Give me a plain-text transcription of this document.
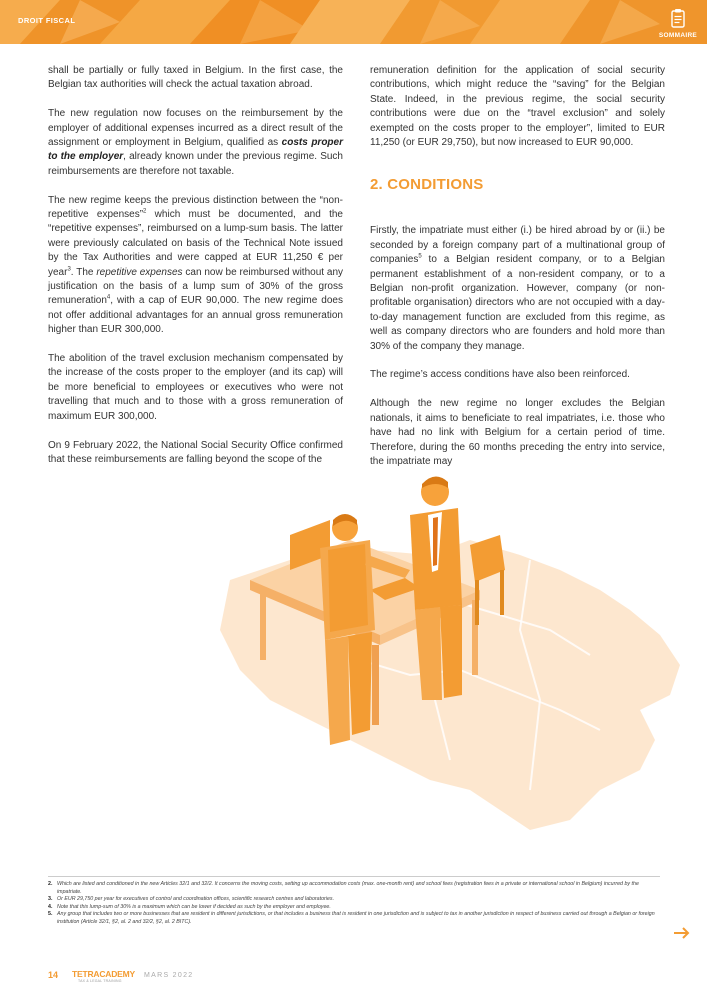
DROIT FISCAL
SOMMAIRE

shall be partially or fully taxed in Belgium. In the first case, the Belgian tax authorities will check the actual taxation abroad.

The new regulation now focuses on the reimbursement by the employer of additional expenses incurred as a direct result of the assignment or employment in Belgium, qualified as costs proper to the employer, already known under the previous regime. Such reimbursements are therefore not taxable.

The new regime keeps the previous distinction between the “non-repetitive expenses”$^2$ which must be documented, and the “repetitive expenses”, reimbursed on a lump-sum basis. The latter were previously calculated on basis of the Technical Note issued by the Tax Authorities and were capped at EUR 11,250 € per year$^3$. The repetitive expenses can now be reimbursed without any justification on the basis of a lump sum of 30% of the gross remuneration$^4$, with a cap of EUR 90,000. The new regime does not offer additional advantages for an annual gross remuneration higher than EUR 300,000.

The abolition of the travel exclusion mechanism compensated by the increase of the costs proper to the employer (and its cap) will be more beneficial to employees or executives who were not travelling that much and to those with a gross remuneration of maximum EUR 300,000.

On 9 February 2022, the National Social Security Office confirmed that these reimbursements are falling beyond the scope of the

remuneration definition for the application of social security contributions, which might reduce the “saving” for the Belgian State. Indeed, in the previous regime, the social security contributions were due on the “travel exclusion” and solely exempted on the costs proper to the employer”, limited to EUR 11,250 (or EUR 29,750), but now increased to EUR 90,000.

2. CONDITIONS

Firstly, the impatriate must either (i.) be hired abroad by or (ii.) be seconded by a foreign company part of a multinational group of companies$^5$ to a Belgian resident company, or to a Belgian permanent establishment of a non-resident company, or to a Belgian non-profit organization. However, company (or non-profitable organisation) directors who are not occupied with a day-to-day management function are excluded from this regime, as well as company directors who are founders and hold more than 30% of the company they manage.

The regime’s access conditions have also been reinforced.

Although the new regime no longer excludes the Belgian nationals, it aims to beneficiate to real impatriates, i.e. those who have had no link with Belgium for a certain period of time. Therefore, during the 60 months preceding the entry into service, the impatriate may

2. Which are listed and conditioned in the new Articles 32/1 and 32/2. It concerns the moving costs, setting up accommodation costs (max. one-month rent) and school fees (registration fees in a private or international school in Belgium) incurred by the impatriate.
3. Or EUR 29,750 per year for executives of control and coordination offices, scientific research centres and laboratories.
4. Note that this lump-sum of 30% is a maximum which can be lower if decided as such by the employer and employee.
5. Any group that includes two or more businesses that are resident in different jurisdictions, or that includes a business that is resident in one jurisdiction and is subject to tax in another jurisdiction in respect of business carried out through a Belgian or foreign institution (Article 32/1, §2, al. 2 and 32/2, §2, al. 2 BITC).
14 TETRACADEMY
TAX & LEGAL TRAINING
MARS 2022
